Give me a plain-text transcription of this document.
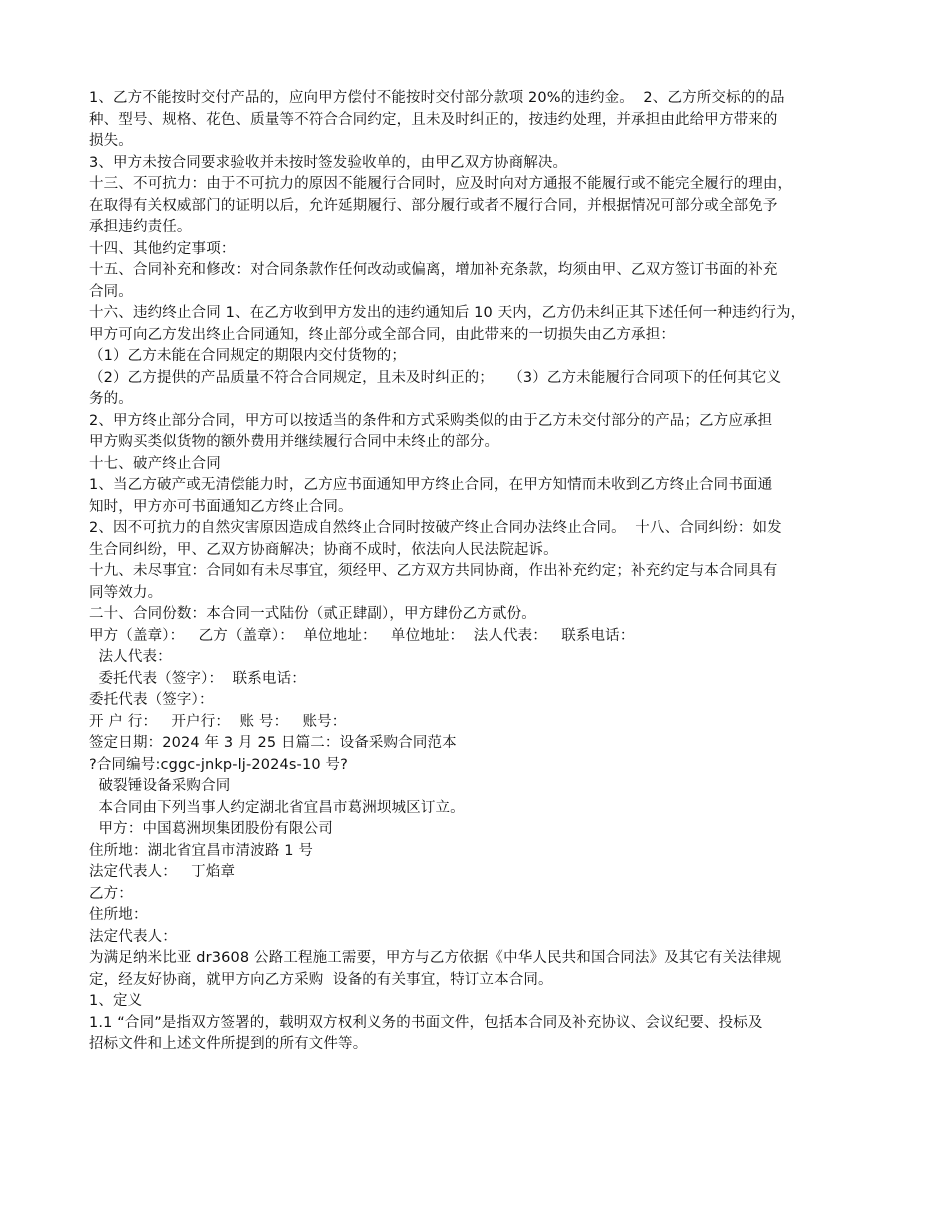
1、乙方不能按时交付产品的，应向甲方偿付不能按时交付部分款项 20%的违约金。  2、乙方所交标的的品
种、型号、规格、花色、质量等不符合合同约定，且未及时纠正的，按违约处理，并承担由此给甲方带来的
损失。
3、甲方未按合同要求验收并未按时签发验收单的，由甲乙双方协商解决。
十三、不可抗力：由于不可抗力的原因不能履行合同时，应及时向对方通报不能履行或不能完全履行的理由，
在取得有关权威部门的证明以后，允许延期履行、部分履行或者不履行合同，并根据情况可部分或全部免予
承担违约责任。
十四、其他约定事项：
十五、合同补充和修改：对合同条款作任何改动或偏离，增加补充条款，均须由甲、乙双方签订书面的补充
合同。
十六、违约终止合同 1、在乙方收到甲方发出的违约通知后 10 天内，乙方仍未纠正其下述任何一种违约行为，
甲方可向乙方发出终止合同通知，终止部分或全部合同，由此带来的一切损失由乙方承担：
（1）乙方未能在合同规定的期限内交付货物的；
（2）乙方提供的产品质量不符合合同规定，且未及时纠正的；   （3）乙方未能履行合同项下的任何其它义
务的。
2、甲方终止部分合同，甲方可以按适当的条件和方式采购类似的由于乙方未交付部分的产品；乙方应承担
甲方购买类似货物的额外费用并继续履行合同中未终止的部分。
十七、破产终止合同
1、当乙方破产或无清偿能力时，乙方应书面通知甲方终止合同，在甲方知情而未收到乙方终止合同书面通
知时，甲方亦可书面通知乙方终止合同。
2、因不可抗力的自然灾害原因造成自然终止合同时按破产终止合同办法终止合同。  十八、合同纠纷：如发
生合同纠纷，甲、乙双方协商解决；协商不成时，依法向人民法院起诉。
十九、未尽事宜：合同如有未尽事宜，须经甲、乙方双方共同协商，作出补充约定；补充约定与本合同具有
同等效力。
二十、合同份数：本合同一式陆份（贰正肆副），甲方肆份乙方贰份。
甲方（盖章）：   乙方（盖章）：  单位地址：   单位地址：  法人代表：   联系电话：
法人代表：
委托代表（签字）：  联系电话：
委托代表（签字）：
开 户 行：   开户行：  账 号：   账号：
签定日期：2024 年 3 月 25 日篇二：设备采购合同范本
?合同编号:cggc-jnkp-lj-2024s-10 号?
破裂锤设备采购合同
本合同由下列当事人约定湖北省宜昌市葛洲坝城区订立。
甲方：中国葛洲坝集团股份有限公司
住所地：湖北省宜昌市清波路 1 号
法定代表人：   丁焰章
乙方：
住所地：
法定代表人：
为满足纳米比亚 dr3608 公路工程施工需要，甲方与乙方依据《中华人民共和国合同法》及其它有关法律规
定，经友好协商，就甲方向乙方采购  设备的有关事宜，特订立本合同。
1、定义
1.1 “合同”是指双方签署的，载明双方权利义务的书面文件，包括本合同及补充协议、会议纪要、投标及
招标文件和上述文件所提到的所有文件等。
